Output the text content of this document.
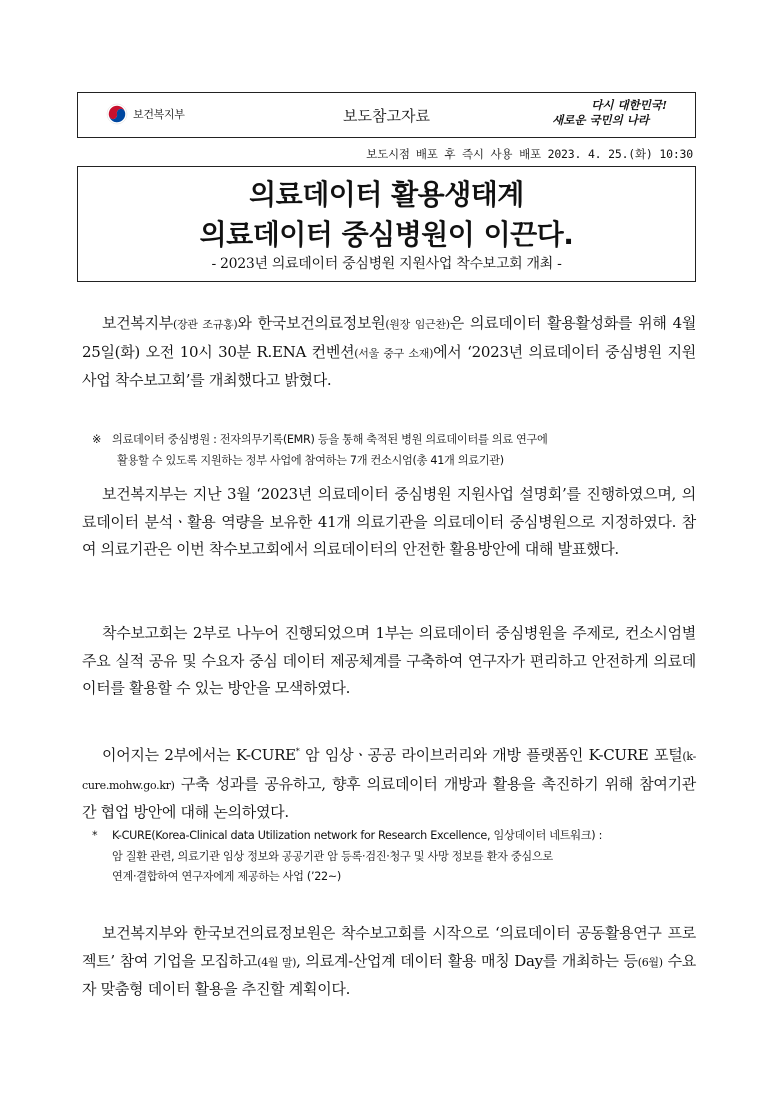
보건복지부	보도참고자료
다시 대한민국!
새로운 국민의 나라
보도시점 배포 후 즉시 사용 배포 2023. 4. 25.(화) 10:30
의료데이터 활용생태계
의료데이터 중심병원이 이끈다.
- 2023년 의료데이터 중심병원 지원사업 착수보고회 개최 -

보건복지부(장관 조규홍)와 한국보건의료정보원(원장 임근찬)은 의료데이터 활용활성화를 위해 4월 25일(화) 오전 10시 30분 R.ENA 컨벤션(서울 중구 소재)에서 ‘2023년 의료데이터 중심병원 지원사업 착수보고회’를 개최했다고 밝혔다.

※ 의료데이터 중심병원 : 전자의무기록(EMR) 등을 통해 축적된 병원 의료데이터를 의료 연구에
활용할 수 있도록 지원하는 정부 사업에 참여하는 7개 컨소시엄(총 41개 의료기관)

보건복지부는 지난 3월 ‘2023년 의료데이터 중심병원 지원사업 설명회’를 진행하였으며, 의료데이터 분석ㆍ활용 역량을 보유한 41개 의료기관을 의료데이터 중심병원으로 지정하였다. 참여 의료기관은 이번 착수보고회에서 의료데이터의 안전한 활용방안에 대해 발표했다.

착수보고회는 2부로 나누어 진행되었으며 1부는 의료데이터 중심병원을 주제로, 컨소시엄별 주요 실적 공유 및 수요자 중심 데이터 제공체계를 구축하여 연구자가 편리하고 안전하게 의료데이터를 활용할 수 있는 방안을 모색하였다.

이어지는 2부에서는 K-CURE* 암 임상ㆍ공공 라이브러리와 개방 플랫폼인 K-CURE 포털(k-cure.mohw.go.kr) 구축 성과를 공유하고, 향후 의료데이터 개방과 활용을 촉진하기 위해 참여기관 간 협업 방안에 대해 논의하였다.

* K-CURE(Korea-Clinical data Utilization network for Research Excellence, 임상데이터 네트워크) :
암 질환 관련, 의료기관 임상 정보와 공공기관 암 등록·검진·청구 및 사망 정보를 환자 중심으로
연계·결합하여 연구자에게 제공하는 사업 (’22~)

보건복지부와 한국보건의료정보원은 착수보고회를 시작으로 ‘의료데이터 공동활용연구 프로젝트’ 참여 기업을 모집하고(4월 말), 의료계-산업계 데이터 활용 매칭 Day를 개최하는 등(6월) 수요자 맞춤형 데이터 활용을 추진할 계획이다.
